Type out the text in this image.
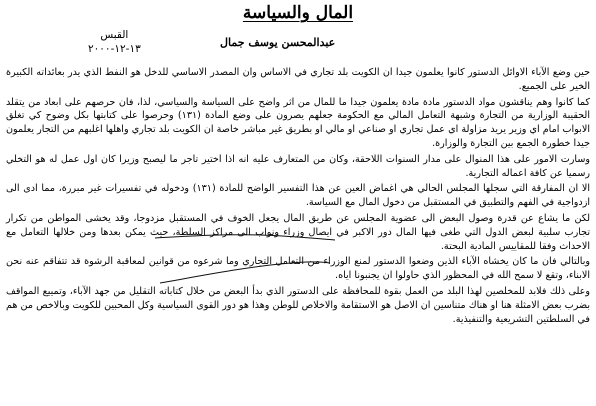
المال والسياسة
القبس
١٣-١٢-٢٠٠٠	عبدالمحسن يوسف جمال

حين وضع الآباء الاوائل الدستور كانوا يعلمون جيدا ان الكويت بلد تجاري في الاساس وان المصدر الاساسي للدخل هو النفط الذي يدر بعائداته الكبيرة الخير على الجميع.

كما كانوا وهم يناقشون مواد الدستور مادة مادة يعلمون جيدا ما للمال من اثر واضح على السياسة والسياسي، لذا، فان حرصهم على ابعاد من يتقلد الحقيبة الوزارية من التجارة وشبهة التعامل المالي مع الحكومة جعلهم يصرون على وضع المادة (١٣١) وحرصوا على كتابتها بكل وضوح كي تغلق الابواب امام اي وزير يريد مزاولة اي عمل تجاري او صناعي او مالي او بطريق غير مباشر خاصة ان الكويت بلد تجاري واهلها اغلبهم من التجار يعلمون جيدا خطورة الجمع بين التجارة والوزارة.

وسارت الامور على هذا المنوال على مدار السنوات اللاحقة، وكان من المتعارف عليه انه اذا اختير تاجر ما ليصبح وزيرا كان اول عمل له هو التخلي رسميا عن كافة اعماله التجارية.

الا ان المفارقة التي سجلها المجلس الحالي هي اغماض العين عن هذا التفسير الواضح للمادة (١٣١) ودخوله في تفسيرات غير مبررة، مما ادى الى ازدواجية في الفهم والتطبيق في المستقبل من دخول المال مع السياسة.

لكن ما يشاع عن قدرة وصول البعض الى عضوية المجلس عن طريق المال يجعل الخوف في المستقبل مزدوجا، وقد يخشى المواطن من تكرار تجارب سلبية لبعض الدول التي طغى فيها المال دور الاكبر في ايصال وزراء ونواب الى مراكز السلطة، حيث يمكن بعدها ومن خلالها التعامل مع الاحداث وفقا للمقاييس المادية البحتة.

وبالتالي فان ما كان يخشاه الآباء الذين وضعوا الدستور لمنع الوزراء من التعامل التجاري وما شرعوه من قوانين لمعاقبة الرشوة قد تتفاقم عنه نحن الابناء، وتقع لا سمح الله في المحظور الذي حاولوا ان يجنبونا اياه.

وعلى ذلك فلابد للمخلصين لهذا البلد من العمل بقوة للمحافظة على الدستور الذي بدأ البعض من خلال كتاباته التقليل من جهد الآباء، وتمييع المواقف بضرب بعض الامثلة هنا او هناك متناسين ان الاصل هو الاستقامة والاخلاص للوطن وهذا هو دور القوى السياسية وكل المحبين للكويت وبالاخص من هم في السلطتين التشريعية والتنفيذية.
